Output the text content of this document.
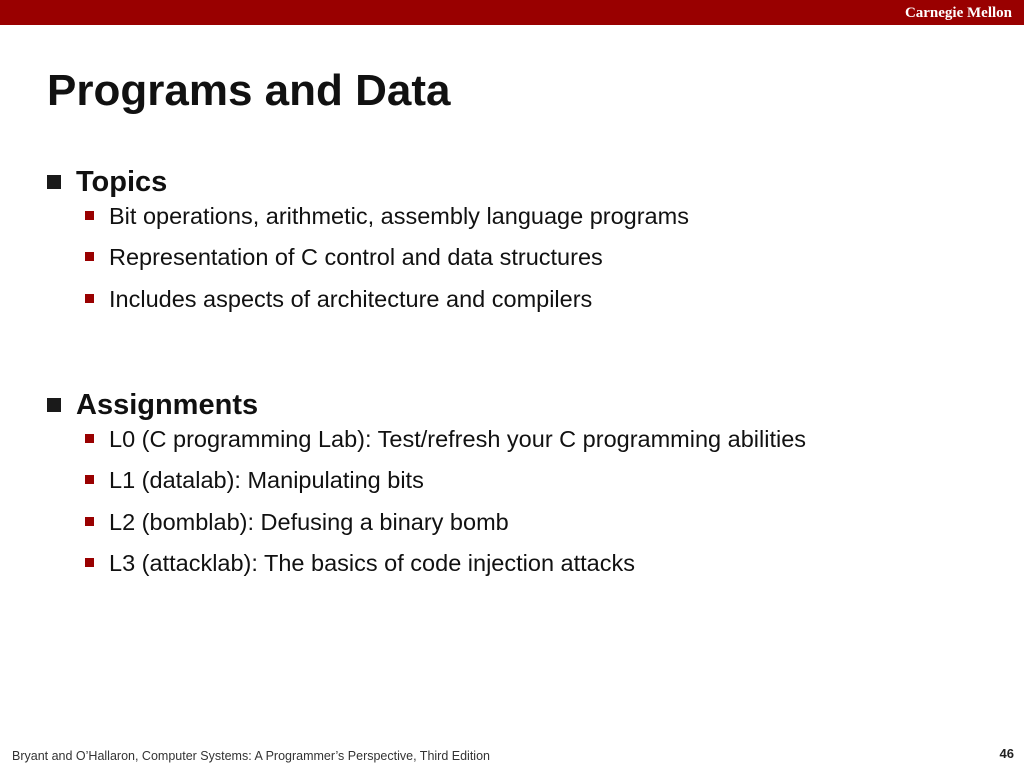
Carnegie Mellon
Programs and Data
Topics
Bit operations, arithmetic, assembly language programs
Representation of C control and data structures
Includes aspects of architecture and compilers
Assignments
L0 (C programming Lab): Test/refresh your C programming abilities
L1 (datalab): Manipulating bits
L2 (bomblab): Defusing a binary bomb
L3 (attacklab): The basics of code injection attacks
Bryant and O’Hallaron, Computer Systems: A Programmer’s Perspective, Third Edition	46
